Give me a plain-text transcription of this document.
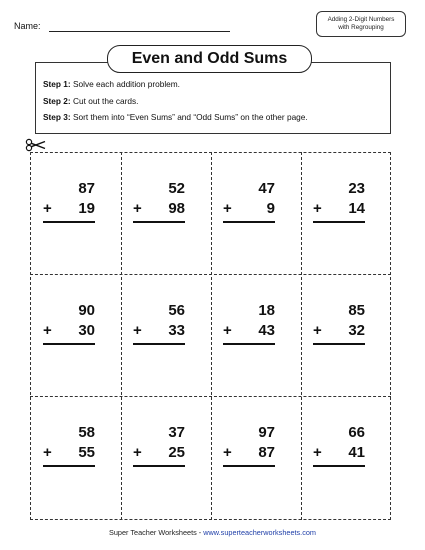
Name:
Adding 2-Digit Numbers
with Regrouping
Even and Odd Sums
Step 1: Solve each addition problem.
Step 2: Cut out the cards.
Step 3: Sort them into “Even Sums” and “Odd Sums” on the other page.
87
+ 19
52
+ 98
47
+ 9
23
+ 14
90
+ 30
56
+ 33
18
+ 43
85
+ 32
58
+ 55
37
+ 25
97
+ 87
66
+ 41
Super Teacher Worksheets - www.superteacherworksheets.com
